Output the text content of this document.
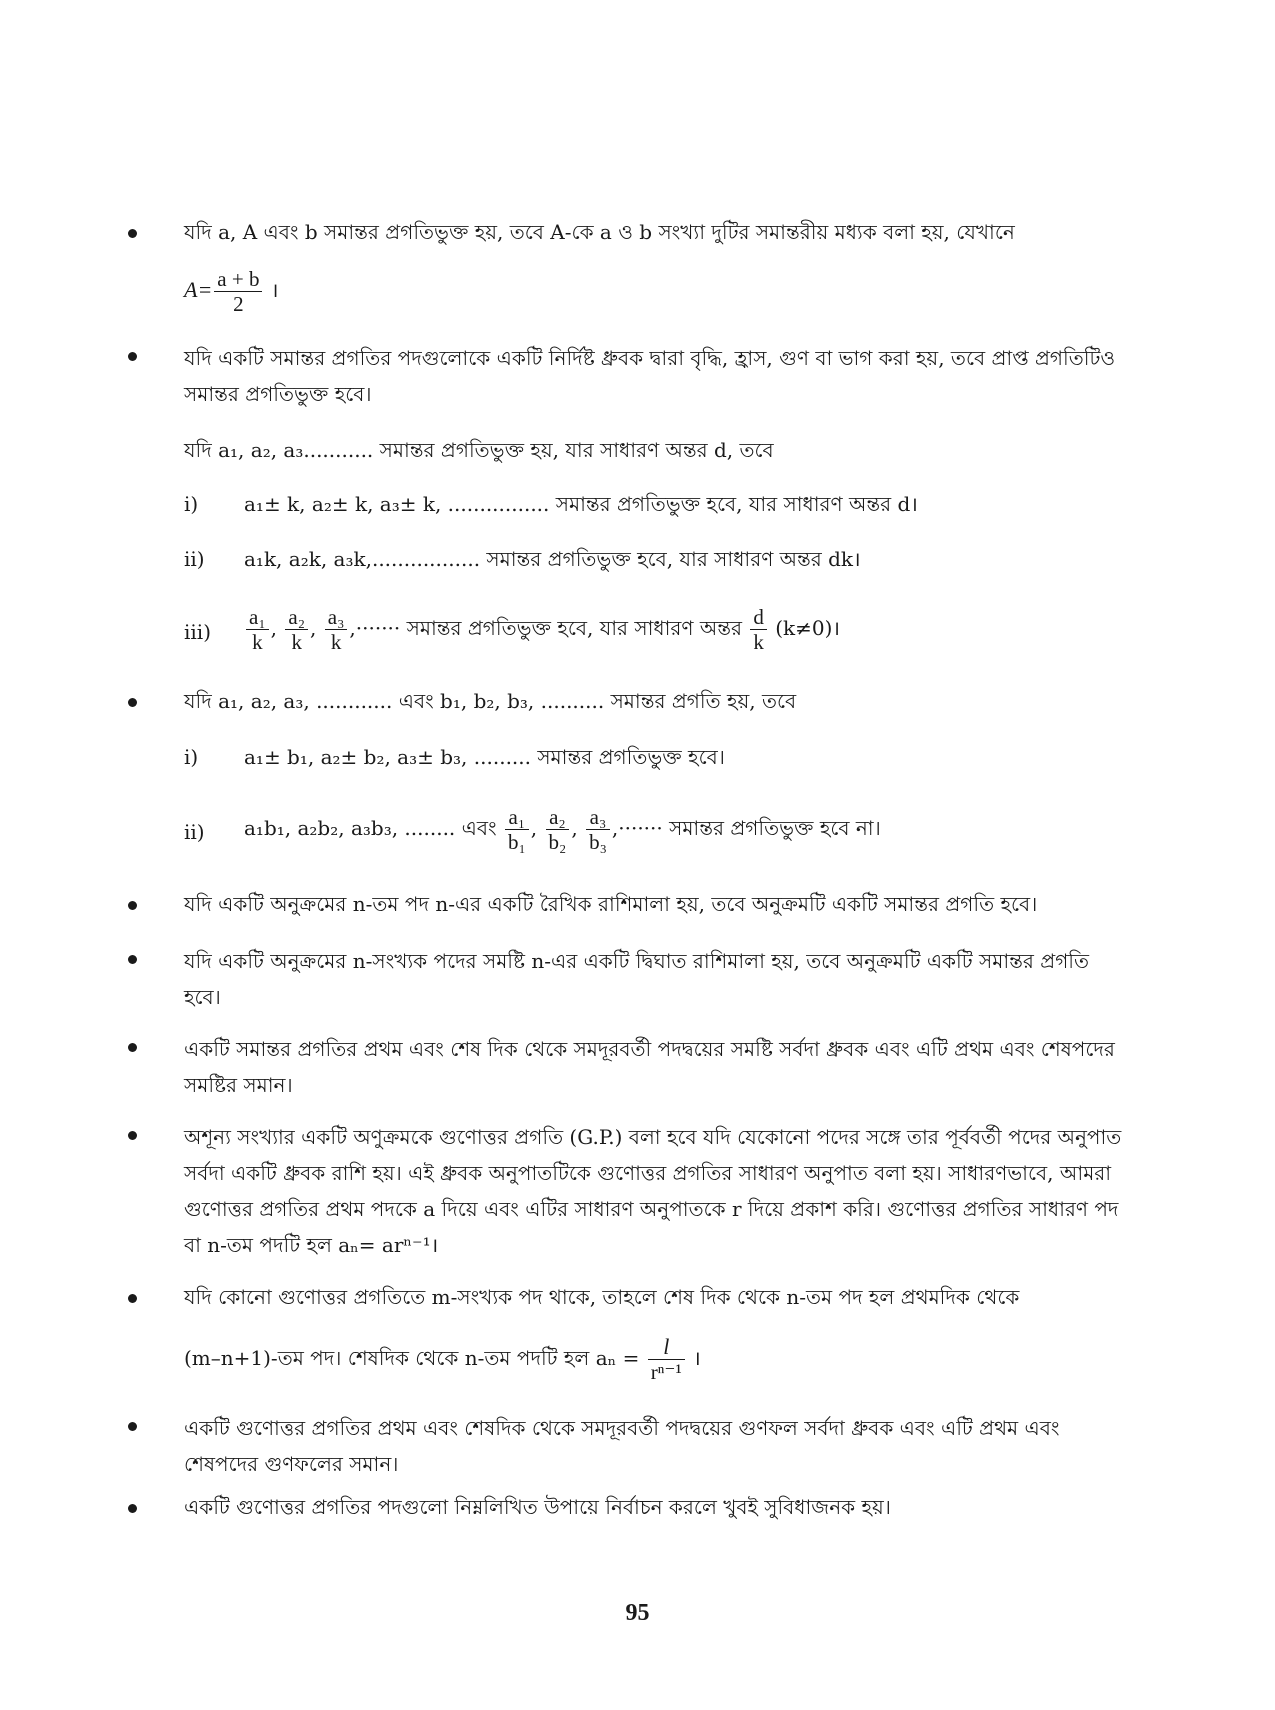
যদি a, A এবং b সমান্তর প্রগতিভুক্ত হয়, তবে A-কে a ও b সংখ্যা দুটির সমান্তরীয় মধ্যক বলা হয়, যেখানে
$A= \frac{a + b}{2}$ ।
যদি একটি সমান্তর প্রগতির পদগুলোকে একটি নির্দিষ্ট ধ্রুবক দ্বারা বৃদ্ধি, হ্রাস, গুণ বা ভাগ করা হয়, তবে প্রাপ্ত প্রগতিটিও সমান্তর প্রগতিভুক্ত হবে।
যদি a₁, a₂, a₃........... সমান্তর প্রগতিভুক্ত হয়, যার সাধারণ অন্তর d, তবে
i) a₁± k, a₂± k, a₃± k, ................ সমান্তর প্রগতিভুক্ত হবে, যার সাধারণ অন্তর d।
ii) a₁k, a₂k, a₃k,................. সমান্তর প্রগতিভুক্ত হবে, যার সাধারণ অন্তর dk।
$iii) \frac{\text{a₁}}{k}$ , $\frac{\text{a₂}}{k}$ , $\frac{\text{a₃}}{k}$ ,······· সমান্তর প্রগতিভুক্ত হবে, যার সাধারণ অন্তর $\frac{d}{k}$ (k≠0)।
যদি a₁, a₂, a₃, ............ এবং b₁, b₂, b₃, .......... সমান্তর প্রগতি হয়, তবে
i) a₁± b₁, a₂± b₂, a₃± b₃, ......... সমান্তর প্রগতিভুক্ত হবে।
ii) a₁b₁, a₂b₂, a₃b₃, ........ এবং $\frac{\text{a₁}}{\text{b₁}}$ , $\frac{\text{a₂}}{\text{b₂}}$ , $\frac{\text{a₃}}{\text{b₃}}$ ,······· সমান্তর প্রগতিভুক্ত হবে না।
যদি একটি অনুক্রমের n-তম পদ n-এর একটি রৈখিক রাশিমালা হয়, তবে অনুক্রমটি একটি সমান্তর প্রগতি হবে।
যদি একটি অনুক্রমের n-সংখ্যক পদের সমষ্টি n-এর একটি দ্বিঘাত রাশিমালা হয়, তবে অনুক্রমটি একটি সমান্তর প্রগতি হবে।
একটি সমান্তর প্রগতির প্রথম এবং শেষ দিক থেকে সমদূরবর্তী পদদ্বয়ের সমষ্টি সর্বদা ধ্রুবক এবং এটি প্রথম এবং শেষপদের সমষ্টির সমান।
অশূন্য সংখ্যার একটি অণুক্রমকে গুণোত্তর প্রগতি (G.P.) বলা হবে যদি যেকোনো পদের সঙ্গে তার পূর্ববর্তী পদের অনুপাত সর্বদা একটি ধ্রুবক রাশি হয়। এই ধ্রুবক অনুপাতটিকে গুণোত্তর প্রগতির সাধারণ অনুপাত বলা হয়। সাধারণভাবে, আমরা গুণোত্তর প্রগতির প্রথম পদকে a দিয়ে এবং এটির সাধারণ অনুপাতকে r দিয়ে প্রকাশ করি। গুণোত্তর প্রগতির সাধারণ পদ বা n-তম পদটি হল aₙ= arⁿ⁻¹।
যদি কোনো গুণোত্তর প্রগতিতে m-সংখ্যক পদ থাকে, তাহলে শেষ দিক থেকে n-তম পদ হল প্রথমদিক থেকে
(m–n+1)-তম পদ। শেষদিক থেকে n-তম পদটি হল $a_n = \frac{l}{\text{rⁿ⁻¹}}$ ।
একটি গুণোত্তর প্রগতির প্রথম এবং শেষদিক থেকে সমদূরবর্তী পদদ্বয়ের গুণফল সর্বদা ধ্রুবক এবং এটি প্রথম এবং শেষপদের গুণফলের সমান।
95
একটি গুণোত্তর প্রগতির পদগুলো নিম্নলিখিত উপায়ে নির্বাচন করলে খুবই সুবিধাজনক হয়।
